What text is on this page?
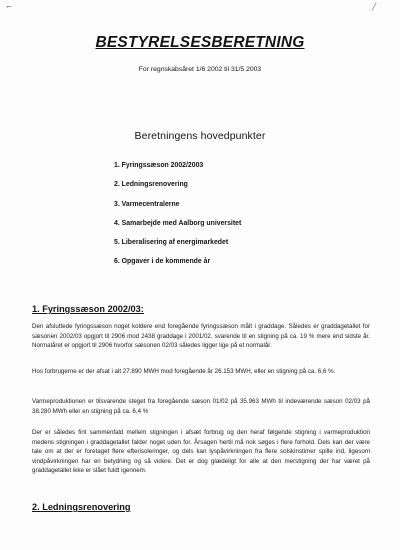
⌐	╱
BESTYRELSESBERETNING
For regnskabsåret 1/6 2002 til 31/5 2003
Beretningens hovedpunkter
1. Fyringssæson 2002/2003
2. Ledningsrenovering
3. Varmecentralerne
4. Samarbejde med Aalborg universitet
5. Liberalisering af energimarkedet
6. Opgaver i de kommende år
1. Fyringssæson 2002/03:
Den afsluttede fyringssæson noget koldere end foregående fyringssæson målt i graddage. Således er graddagetallet for sæsonen 2002/03 opgjort til 2906 mod 2438 graddage i 2001/02. svarende til en stigning på ca. 19 % mere end sidste år. Normalåret er opgjort til 2906 hvorfor sæsonen 02/03 således ligger lige på et normalår.
Hos forbrugerne er der afsat i alt 27.890 MWH mod foregående år 26.153 MWH, eller en stigning på ca. 6,6 %.
Varmeproduktionen er tilsvarende steget fra foregående sæson 01/02 på 35.963 MWh til indeværende sæson 02/03 på 38.280 MWh eller en stigning på ca. 6,4 %
Der er således fint sammenfald mellem stigningen i afsæt forbrug og den heraf følgende stigning i varmeproduktion medens stigningen i graddagetallet falder noget uden for. Årsagen hertil må nok søges i flere forhold. Dels kan der være tale om at der er foretaget flere efterisoleringer, og dels kan lyspåvirkningen fra flere solskinstimer spille ind, ligesom vindpåvirkningen har en betydning og så videre. Det er dog glædeligt for alle at den merstigning der har været på graddagetallet ikke er slået fuldt igennem.
2. Ledningsrenovering
